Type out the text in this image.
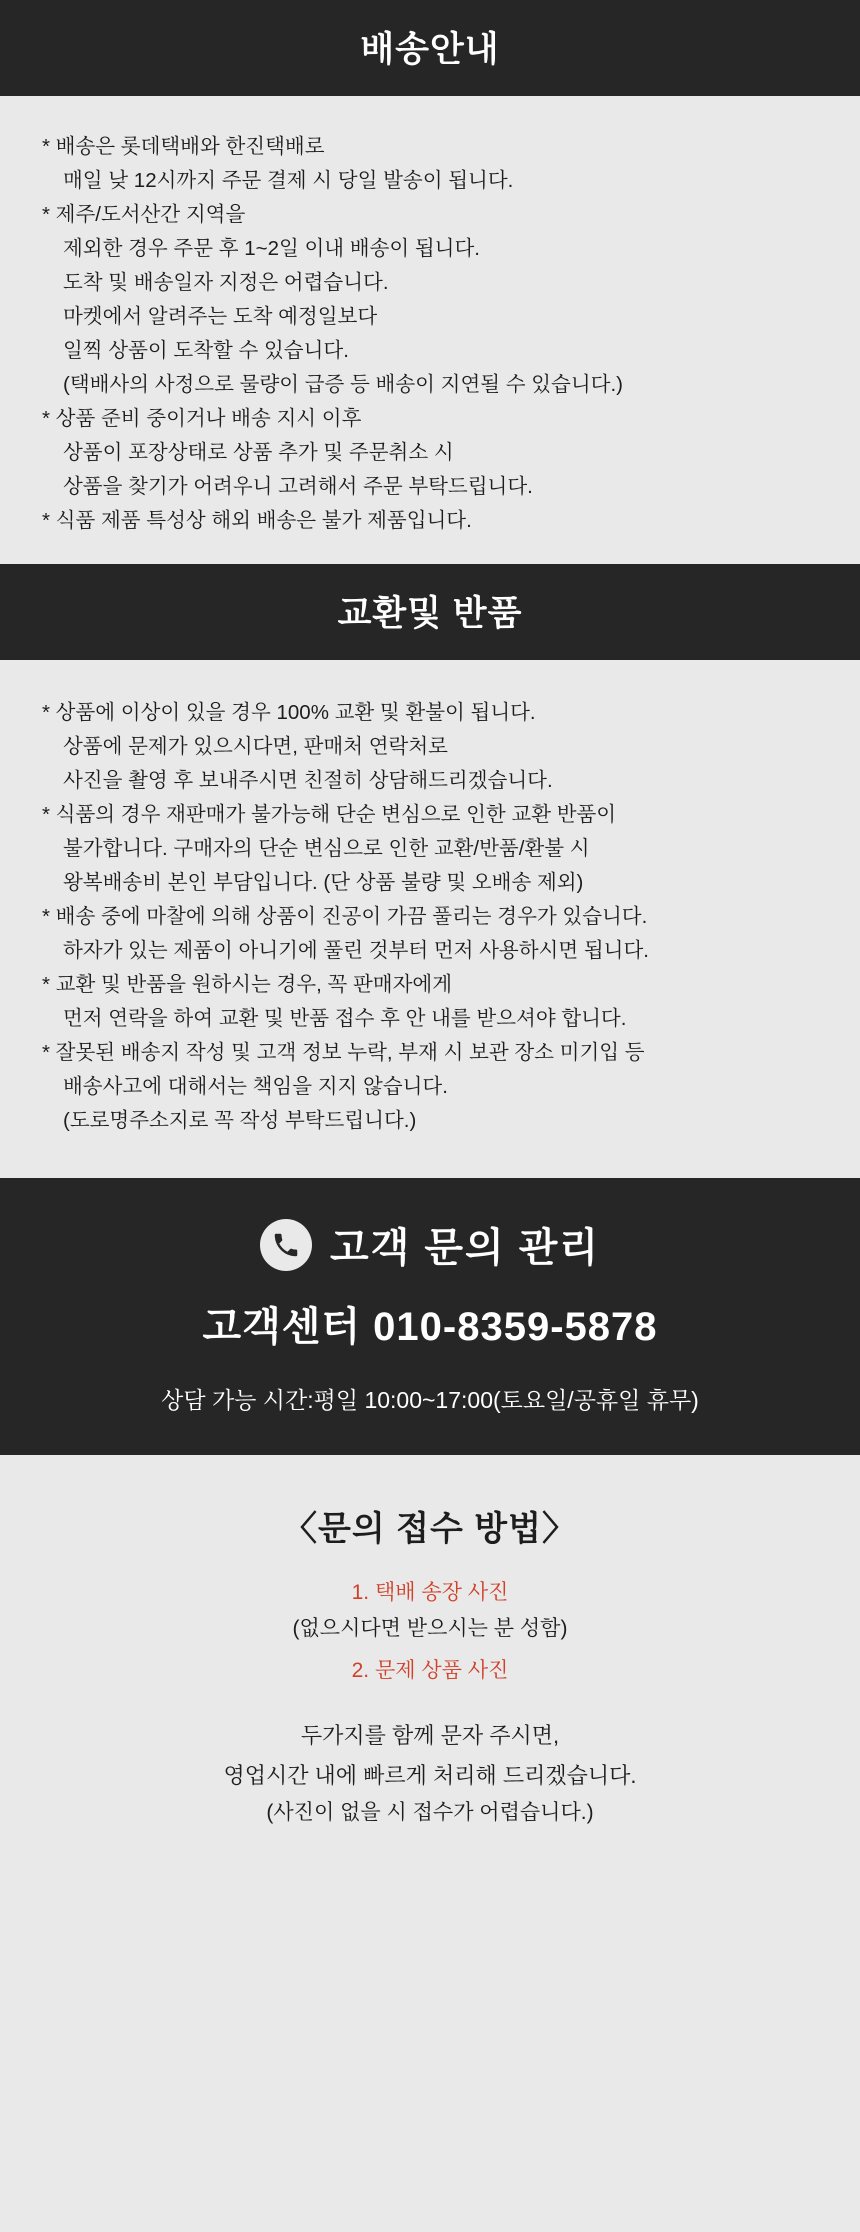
배송안내
* 배송은 롯데택배와 한진택배로
매일 낮 12시까지 주문 결제 시 당일 발송이 됩니다.
* 제주/도서산간 지역을
제외한 경우 주문 후 1~2일 이내 배송이 됩니다.
도착 및 배송일자 지정은 어렵습니다.
마켓에서 알려주는 도착 예정일보다
일찍 상품이 도착할 수 있습니다.
(택배사의 사정으로 물량이 급증 등 배송이 지연될 수 있습니다.)
* 상품 준비 중이거나 배송 지시 이후
상품이 포장상태로 상품 추가 및 주문취소 시
상품을 찾기가 어려우니 고려해서 주문 부탁드립니다.
* 식품 제품 특성상 해외 배송은 불가 제품입니다.
교환및 반품
* 상품에 이상이 있을 경우 100% 교환 및 환불이 됩니다.
상품에 문제가 있으시다면, 판매처 연락처로
사진을 촬영 후 보내주시면 친절히 상담해드리겠습니다.
* 식품의 경우 재판매가 불가능해 단순 변심으로 인한 교환 반품이
불가합니다. 구매자의 단순 변심으로 인한 교환/반품/환불 시
왕복배송비 본인 부담입니다. (단 상품 불량 및 오배송 제외)
* 배송 중에 마찰에 의해 상품이 진공이 가끔 풀리는 경우가 있습니다.
하자가 있는 제품이 아니기에 풀린 것부터 먼저 사용하시면 됩니다.
* 교환 및 반품을 원하시는 경우, 꼭 판매자에게
먼저 연락을 하여 교환 및 반품 접수 후 안 내를 받으셔야 합니다.
* 잘못된 배송지 작성 및 고객 정보 누락, 부재 시 보관 장소 미기입 등
배송사고에 대해서는 책임을 지지 않습니다.
(도로명주소지로 꼭 작성 부탁드립니다.)
고객 문의 관리
고객센터 010-8359-5878
상담 가능 시간:평일 10:00~17:00(토요일/공휴일 휴무)
〈문의 접수 방법〉
1. 택배 송장 사진
(없으시다면 받으시는 분 성함)
2. 문제 상품 사진
두가지를 함께 문자 주시면,
영업시간 내에 빠르게 처리해 드리겠습니다.
(사진이 없을 시 접수가 어렵습니다.)
